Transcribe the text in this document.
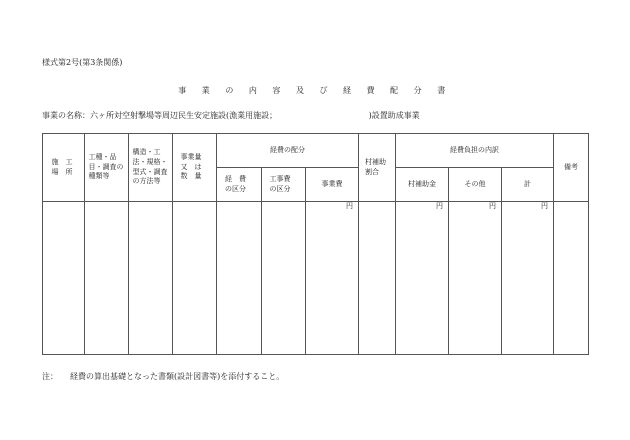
様式第2号(第3条関係)
事 業 の 内 容 及 び 経 費 配 分 書
事業の名称：六ヶ所対空射撃場等周辺民生安定施設(漁業用施設；                                    )設置助成事業
施　工 場　所	工種・品目・調査の種類等	構造・工法・規格・型式・調査の方法等	事業量 又　は 数　量	経費の配分			村補助 割合	経費負担の内訳			備考
				経　費 の区分	工事費 の区分	事業費		村補助金	その他	計	
						円		円	円	円	
注：　　経費の算出基礎となった書類(設計図書等)を添付すること。
